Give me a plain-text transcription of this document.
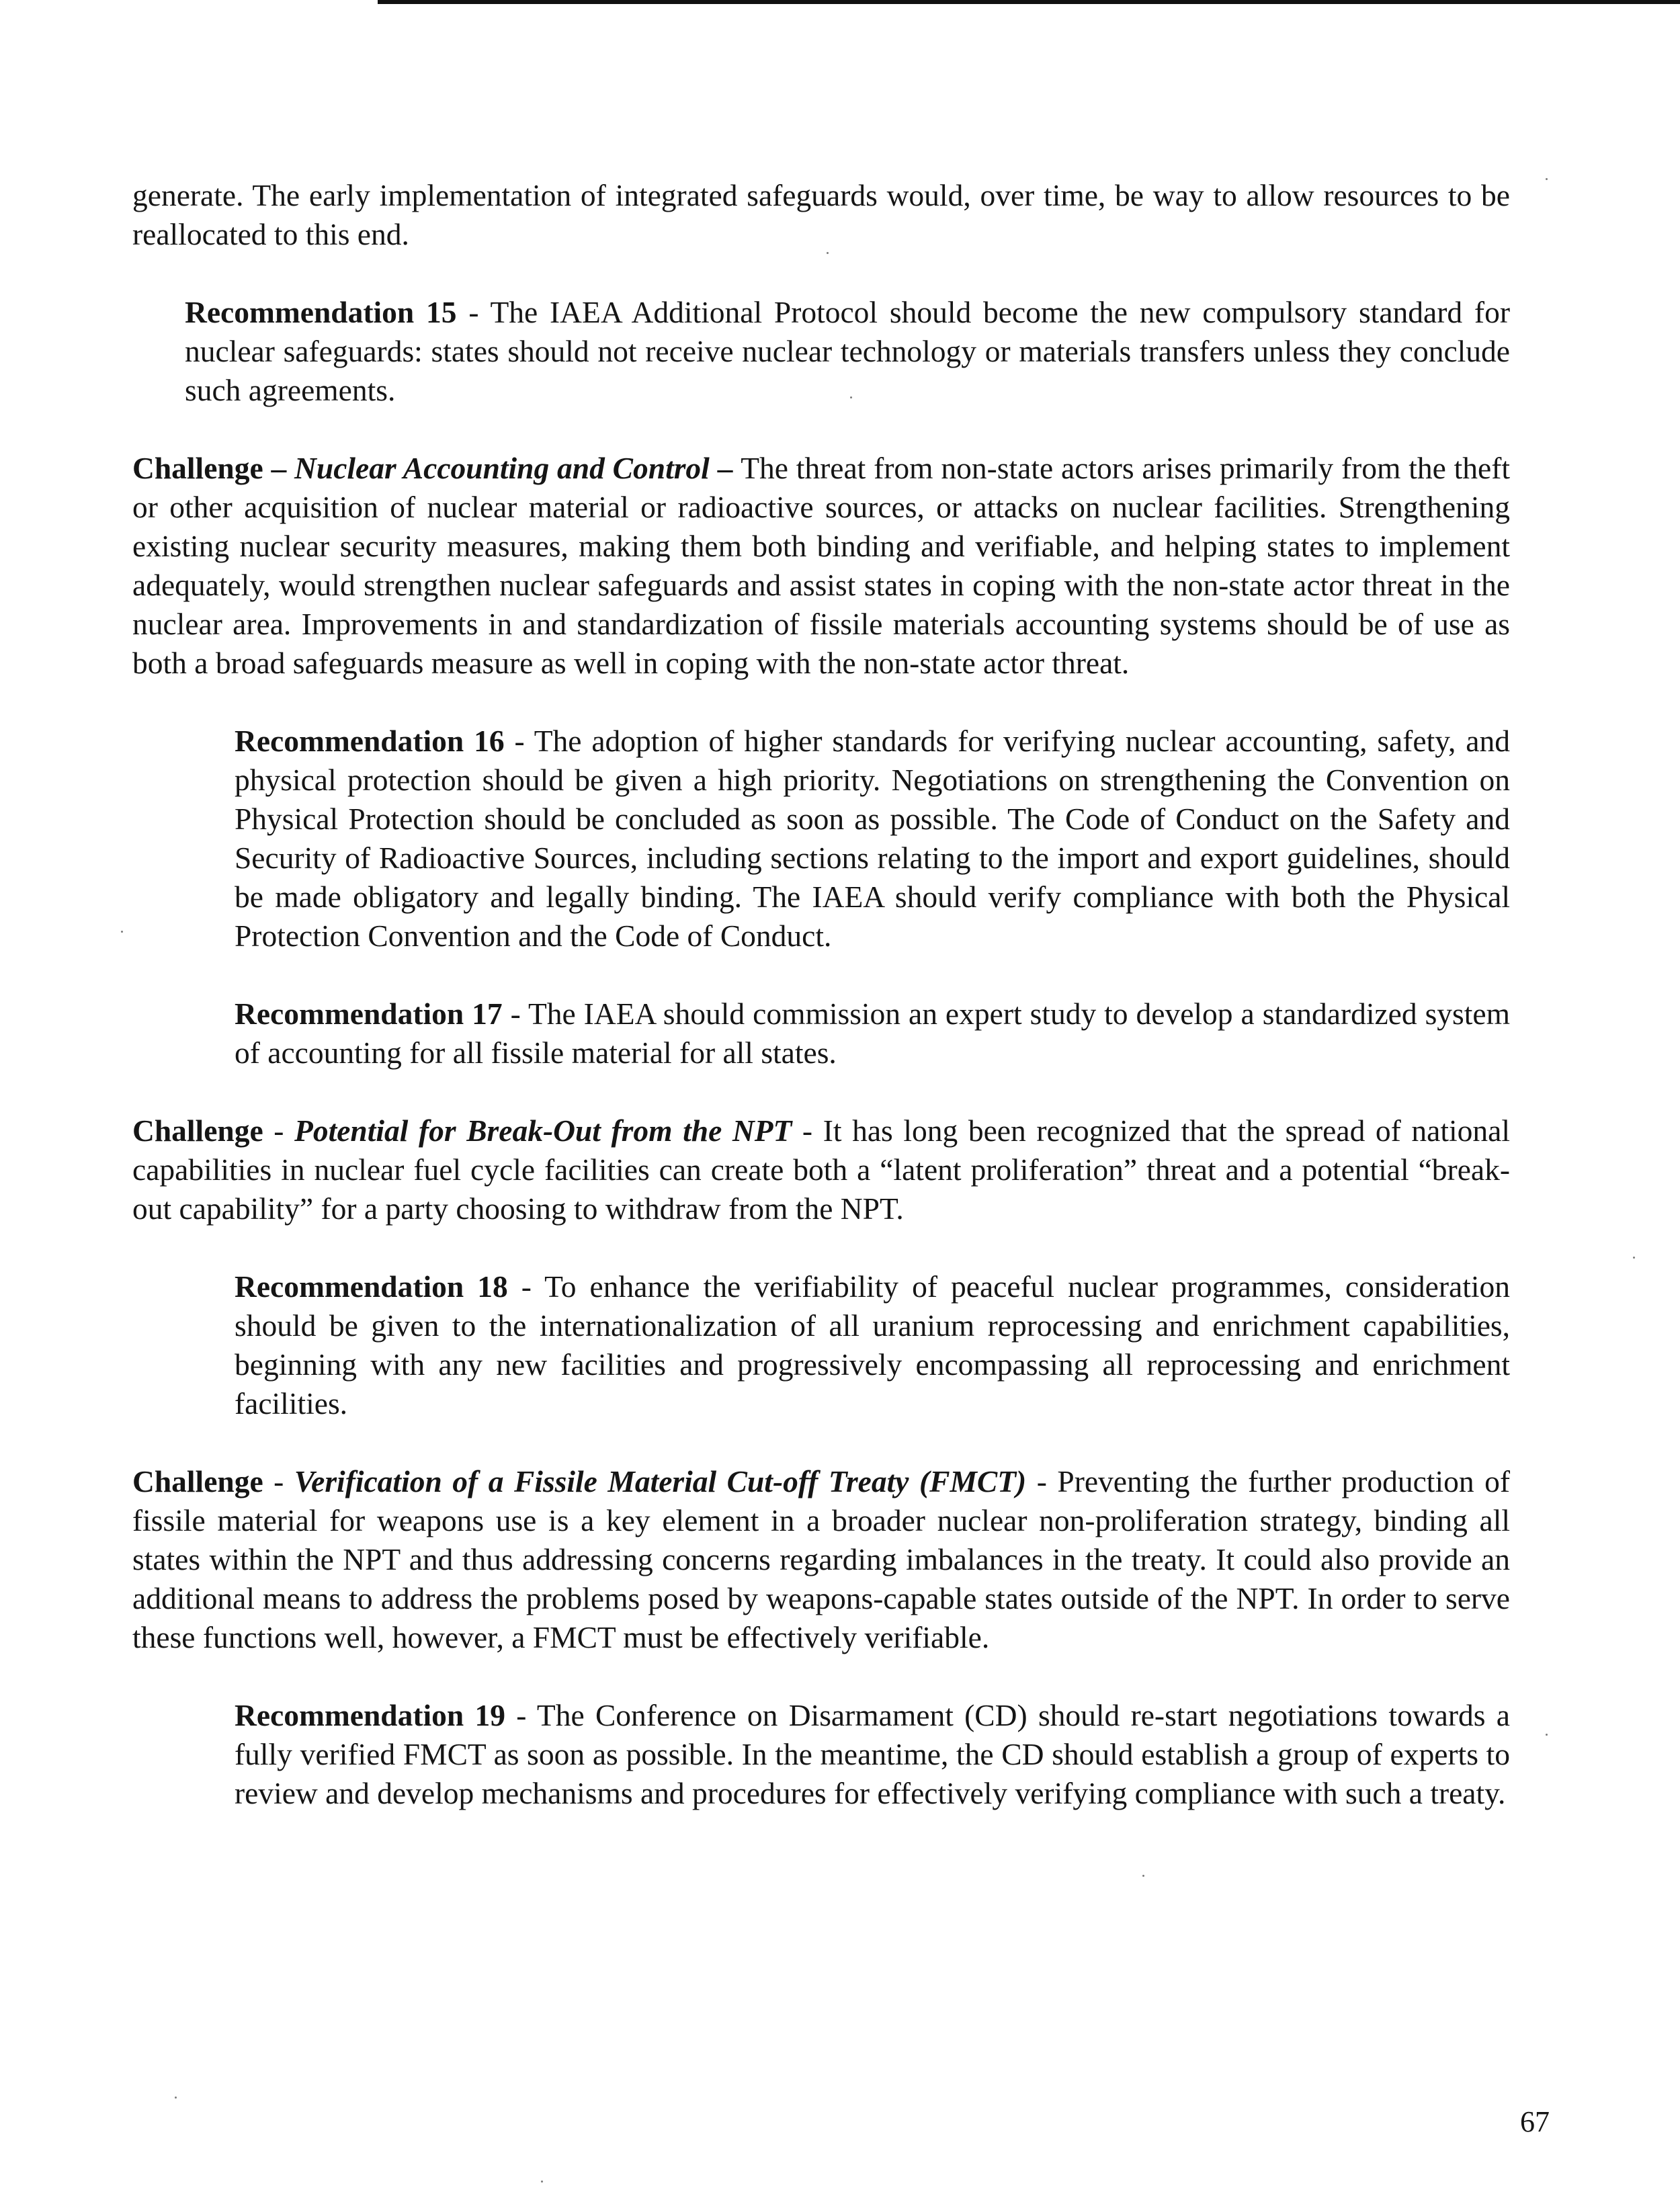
generate. The early implementation of integrated safeguards would, over time, be way to allow resources to be reallocated to this end.

Recommendation 15 - The IAEA Additional Protocol should become the new compulsory standard for nuclear safeguards: states should not receive nuclear technology or materials transfers unless they conclude such agreements.

Challenge – Nuclear Accounting and Control – The threat from non-state actors arises primarily from the theft or other acquisition of nuclear material or radioactive sources, or attacks on nuclear facilities. Strengthening existing nuclear security measures, making them both binding and verifiable, and helping states to implement adequately, would strengthen nuclear safeguards and assist states in coping with the non-state actor threat in the nuclear area. Improvements in and standardization of fissile materials accounting systems should be of use as both a broad safeguards measure as well in coping with the non-state actor threat.

Recommendation 16 - The adoption of higher standards for verifying nuclear accounting, safety, and physical protection should be given a high priority. Negotiations on strengthening the Convention on Physical Protection should be concluded as soon as possible. The Code of Conduct on the Safety and Security of Radioactive Sources, including sections relating to the import and export guidelines, should be made obligatory and legally binding. The IAEA should verify compliance with both the Physical Protection Convention and the Code of Conduct.

Recommendation 17 - The IAEA should commission an expert study to develop a standardized system of accounting for all fissile material for all states.

Challenge - Potential for Break-Out from the NPT - It has long been recognized that the spread of national capabilities in nuclear fuel cycle facilities can create both a “latent proliferation” threat and a potential “break-out capability” for a party choosing to withdraw from the NPT.

Recommendation 18 - To enhance the verifiability of peaceful nuclear programmes, consideration should be given to the internationalization of all uranium reprocessing and enrichment capabilities, beginning with any new facilities and progressively encompassing all reprocessing and enrichment facilities.

Challenge - Verification of a Fissile Material Cut-off Treaty (FMCT) - Preventing the further production of fissile material for weapons use is a key element in a broader nuclear non-proliferation strategy, binding all states within the NPT and thus addressing concerns regarding imbalances in the treaty. It could also provide an additional means to address the problems posed by weapons-capable states outside of the NPT. In order to serve these functions well, however, a FMCT must be effectively verifiable.

Recommendation 19 - The Conference on Disarmament (CD) should re-start negotiations towards a fully verified FMCT as soon as possible. In the meantime, the CD should establish a group of experts to review and develop mechanisms and procedures for effectively verifying compliance with such a treaty.

67
